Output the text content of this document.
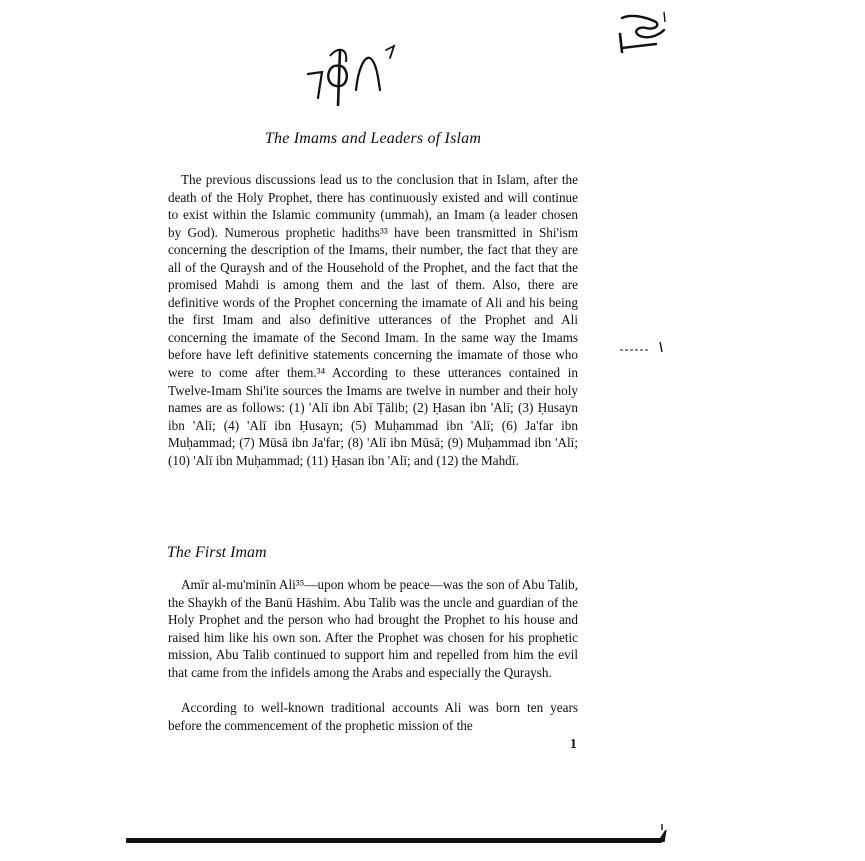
The Imams and Leaders of Islam

The previous discussions lead us to the conclusion that in Islam, after the death of the Holy Prophet, there has continuously existed and will continue to exist within the Islamic community (ummah), an Imam (a leader chosen by God). Numerous prophetic hadiths³³ have been transmitted in Shi'ism concerning the description of the Imams, their number, the fact that they are all of the Quraysh and of the Household of the Prophet, and the fact that the promised Mahdi is among them and the last of them. Also, there are definitive words of the Prophet concerning the imamate of Ali and his being the first Imam and also definitive utterances of the Prophet and Ali concerning the imamate of the Second Imam. In the same way the Imams before have left definitive statements concerning the imamate of those who were to come after them.³⁴ According to these utterances contained in Twelve-Imam Shi'ite sources the Imams are twelve in number and their holy names are as follows: (1) 'Alī ibn Abī Ṭālib; (2) Ḥasan ibn 'Alī; (3) Ḥusayn ibn 'Alī; (4) 'Alī ibn Ḥusayn; (5) Muḥammad ibn 'Alī; (6) Ja'far ibn Muḥammad; (7) Mūsā ibn Ja'far; (8) 'Alī ibn Mūsā; (9) Muḥammad ibn 'Alī; (10) 'Alī ibn Muḥammad; (11) Ḥasan ibn 'Alī; and (12) the Mahdī.

The First Imam

Amīr al-mu'minīn Ali³⁵—upon whom be peace—was the son of Abu Talib, the Shaykh of the Banū Hāshim. Abu Talib was the uncle and guardian of the Holy Prophet and the person who had brought the Prophet to his house and raised him like his own son. After the Prophet was chosen for his prophetic mission, Abu Talib continued to support him and repelled from him the evil that came from the infidels among the Arabs and especially the Quraysh.

According to well-known traditional accounts Ali was born ten years before the commencement of the prophetic mission of the

1
